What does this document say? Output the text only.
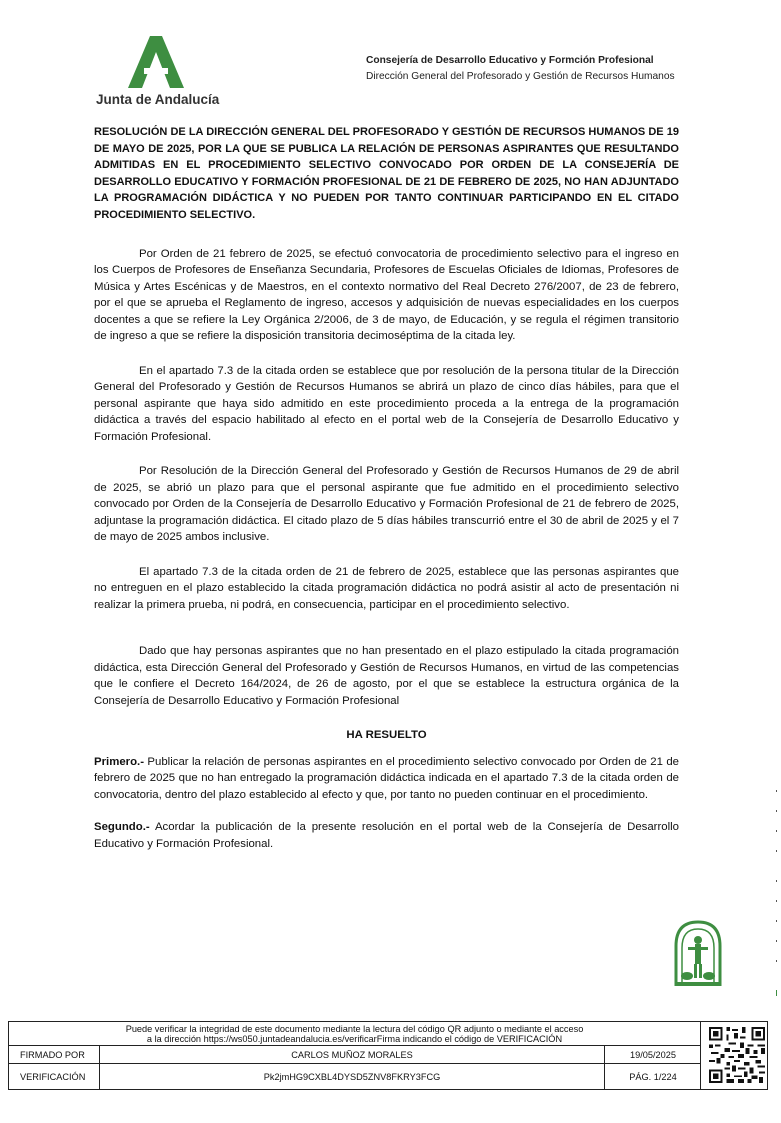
Junta de Andalucía
Consejería de Desarrollo Educativo y Formción Profesional
Dirección General del Profesorado y Gestión de Recursos Humanos
RESOLUCIÓN DE LA DIRECCIÓN GENERAL DEL PROFESORADO Y GESTIÓN DE RECURSOS HUMANOS DE 19 DE MAYO DE 2025, POR LA QUE SE PUBLICA LA RELACIÓN DE PERSONAS ASPIRANTES QUE RESULTANDO ADMITIDAS EN EL PROCEDIMIENTO SELECTIVO CONVOCADO POR ORDEN DE LA CONSEJERÍA DE DESARROLLO EDUCATIVO Y FORMACIÓN PROFESIONAL DE 21 DE FEBRERO DE 2025, NO HAN ADJUNTADO LA PROGRAMACIÓN DIDÁCTICA Y NO PUEDEN POR TANTO CONTINUAR PARTICIPANDO EN EL CITADO PROCEDIMIENTO SELECTIVO.

Por Orden de 21 febrero de 2025, se efectuó convocatoria de procedimiento selectivo para el ingreso en los Cuerpos de Profesores de Enseñanza Secundaria, Profesores de Escuelas Oficiales de Idiomas, Profesores de Música y Artes Escénicas y de Maestros, en el contexto normativo del Real Decreto 276/2007, de 23 de febrero, por el que se aprueba el Reglamento de ingreso, accesos y adquisición de nuevas especialidades en los cuerpos docentes a que se refiere la Ley Orgánica 2/2006, de 3 de mayo, de Educación, y se regula el régimen transitorio de ingreso a que se refiere la disposición transitoria decimoséptima de la citada ley.

En el apartado 7.3 de la citada orden se establece que por resolución de la persona titular de la Dirección General del Profesorado y Gestión de Recursos Humanos se abrirá un plazo de cinco días hábiles, para que el personal aspirante que haya sido admitido en este procedimiento proceda a la entrega de la programación didáctica a través del espacio habilitado al efecto en el portal web de la Consejería de Desarrollo Educativo y Formación Profesional.

Por Resolución de la Dirección General del Profesorado y Gestión de Recursos Humanos de 29 de abril de 2025, se abrió un plazo para que el personal aspirante que fue admitido en el procedimiento selectivo convocado por Orden de la Consejería de Desarrollo Educativo y Formación Profesional de 21 de febrero de 2025, adjuntase la programación didáctica. El citado plazo de 5 días hábiles transcurrió entre el 30 de abril de 2025 y el 7 de mayo de 2025 ambos inclusive.

El apartado 7.3 de la citada orden de 21 de febrero de 2025, establece que las personas aspirantes que no entreguen en el plazo establecido la citada programación didáctica no podrá asistir al acto de presentación ni realizar la primera prueba, ni podrá, en consecuencia, participar en el procedimiento selectivo.

Dado que hay personas aspirantes que no han presentado en el plazo estipulado la citada programación didáctica, esta Dirección General del Profesorado y Gestión de Recursos Humanos, en virtud de las competencias que le confiere el Decreto 164/2024, de 26 de agosto, por el que se establece la estructura orgánica de la Consejería de Desarrollo Educativo y Formación Profesional

HA RESUELTO

Primero.- Publicar la relación de personas aspirantes en el procedimiento selectivo convocado por Orden de 21 de febrero de 2025 que no han entregado la programación didáctica indicada en el apartado 7.3 de la citada orden de convocatoria, dentro del plazo establecido al efecto y que, por tanto no pueden continuar en el procedimiento.

Segundo.- Acordar la publicación de la presente resolución en el portal web de la Consejería de Desarrollo Educativo y Formación Profesional.

Puede verificar la integridad de este documento mediante la lectura del código QR adjunto o mediante el acceso
a la dirección https://ws050.juntadeandalucia.es/verificarFirma indicando el código de VERIFICACIÓN
FIRMADO POR	CARLOS MUÑOZ MORALES	19/05/2025
VERIFICACIÓN	Pk2jmHG9CXBL4DYSD5ZNV8FKRY3FCG	PÁG. 1/224
